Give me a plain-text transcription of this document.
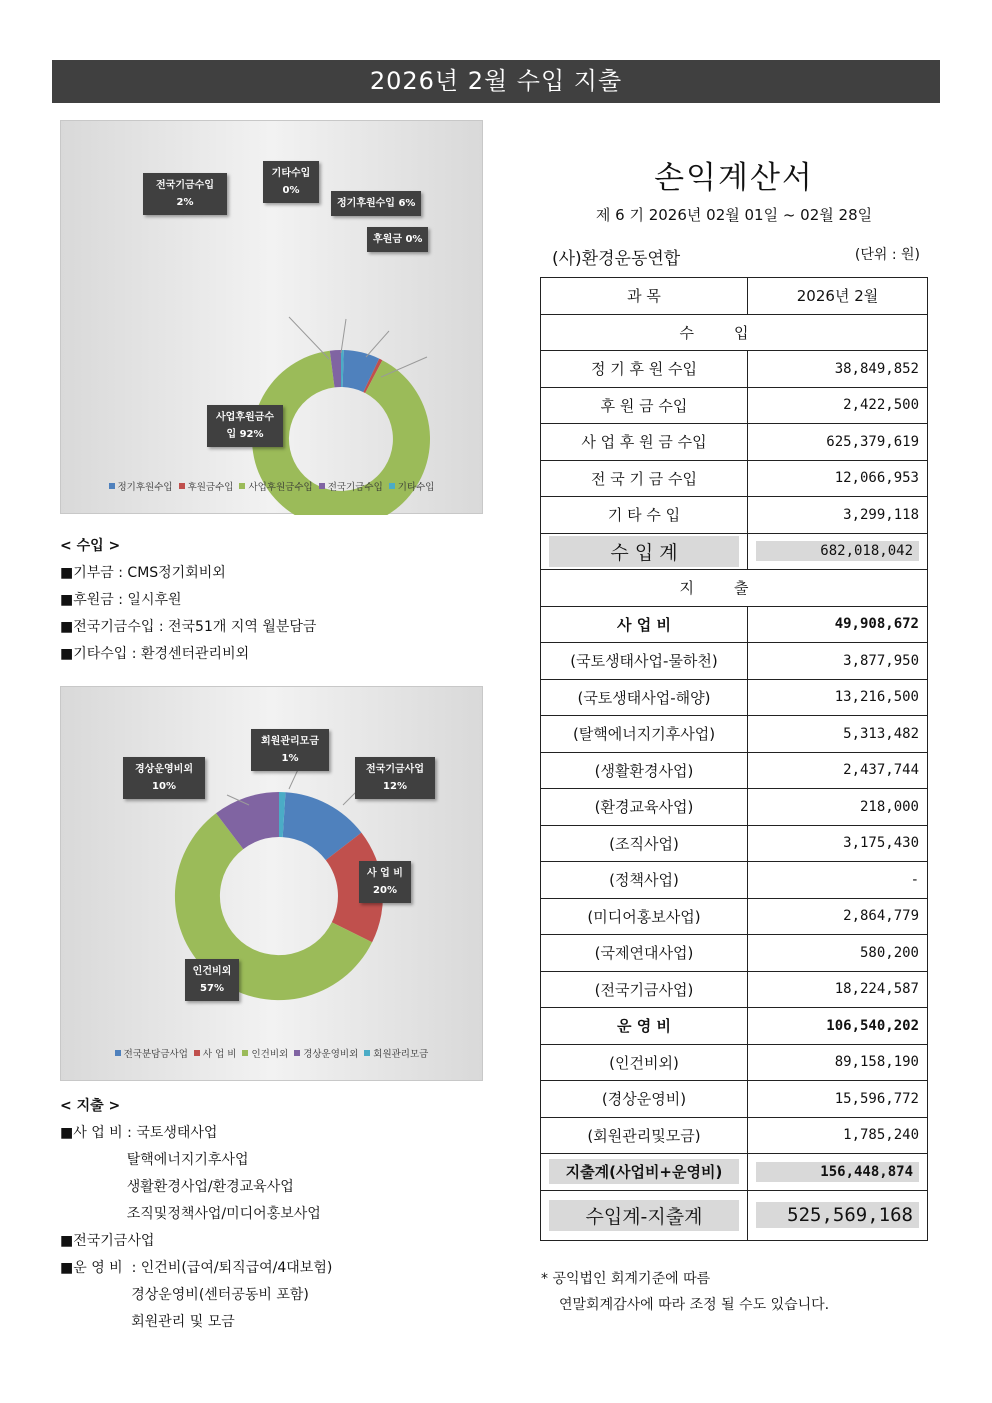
2026년 2월 수입 지출
전국기금수입
2%
기타수입
0%
정기후원수입 6%
후원금 0%
사업후원금수
입 92%
정기후원수입 후원금수입 사업후원금수입 전국기금수입 기타수입
< 수입 >
■기부금 : CMS정기회비외
■후원금 : 일시후원
■전국기금수입 : 전국51개 지역 월분담금
■기타수입 : 환경센터관리비외
회원관리모금
1%
경상운영비외
10%
전국기금사업
12%
사 업 비
20%
인건비외
57%
전국분담금사업 사 업 비 인건비외 경상운영비외 회원관리모금
< 지출 >
■사 업 비 : 국토생태사업
탈핵에너지기후사업
생활환경사업/환경교육사업
조직및정책사업/미디어홍보사업
■전국기금사업
■운 영 비  : 인건비(급여/퇴직급여/4대보험)
경상운영비(센터공동비 포함)
회원관리 및 모금
손익계산서
제 6 기 2026년 02월 01일 ~ 02월 28일
(사)환경운동연합	(단위 : 원)
과 목	2026년 2월
수입	
정 기 후 원 수입	38,849,852
후 원 금 수입	2,422,500
사 업 후 원 금 수입	625,379,619
전 국 기 금 수입	12,066,953
기 타 수 입	3,299,118

수 입 계	682,018,042

지출	
사 업 비	49,908,672
(국토생태사업-물하천)	3,877,950
(국토생태사업-해양)	13,216,500
(탈핵에너지기후사업)	5,313,482
(생활환경사업)	2,437,744
(환경교육사업)	218,000
(조직사업)	3,175,430
(정책사업)	-
(미디어홍보사업)	2,864,779
(국제연대사업)	580,200
(전국기금사업)	18,224,587
운 영 비	106,540,202
(인건비외)	89,158,190
(경상운영비)	15,596,772
(회원관리및모금)	1,785,240

지출계(사업비+운영비)	156,448,874

수입계-지출계	525,569,168
* 공익법인 회계기준에 따름
연말회계감사에 따라 조정 될 수도 있습니다.
